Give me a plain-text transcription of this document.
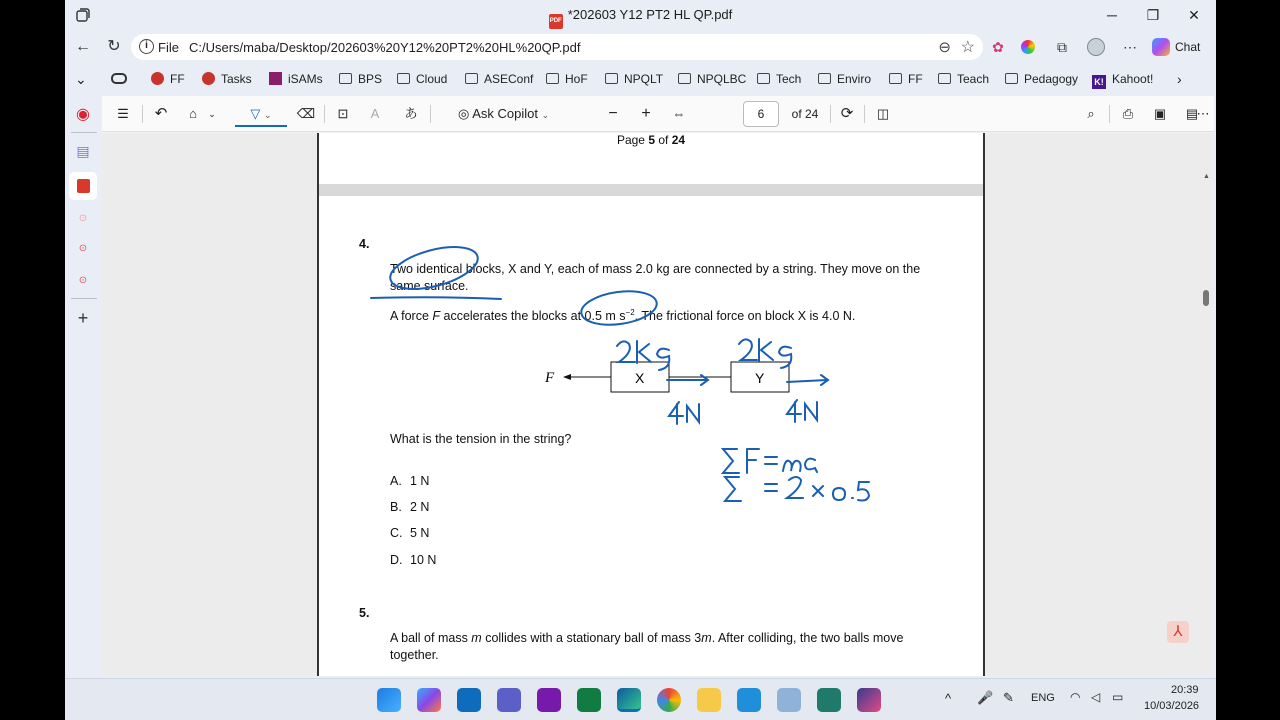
PDF *202603 Y12 PT2 HL QP.pdf	─	❐	✕
←	↻	i File C:/Users/maba/Desktop/202603%20Y12%20PT2%20HL%20QP.pdf	⊖ ☆	✿	⧉	⋯	Chat
⌄	FF	Tasks	iSAMs	BPS	Cloud	ASEConf	HoF	NPQLT	NPQLBC	Tech	Enviro	FF	Teach	Pedagogy K! Kahoot! ›
◉
▤
⊙
⊙
⊙
+
☰	↶	⌂	⌄	▽ ⌄	⌫	⊡	A	あ	◎ Ask Copilot ⌄	−	+	⇔	6	of 24	⟳	◫	⌕	⎙	▣	▤
⋯
Page 5 of 24
4.
Two identical blocks, X and Y, each of mass 2.0 kg are connected by a string. They move on the same surface.
A force F accelerates the blocks at 0.5 m $s^{-2}$. The frictional force on block X is 4.0 N.
F	X	Y
What is the tension in the string?
A. 1 N
B. 2 N
C. 5 N
D. 10 N
5.
A ball of mass m collides with a stationary ball of mass 3m. After colliding, the two balls move together.
▲
⅄
^ 🎤 ✎ ENG ◠ ◁ ▭	20:39
10/03/2026
